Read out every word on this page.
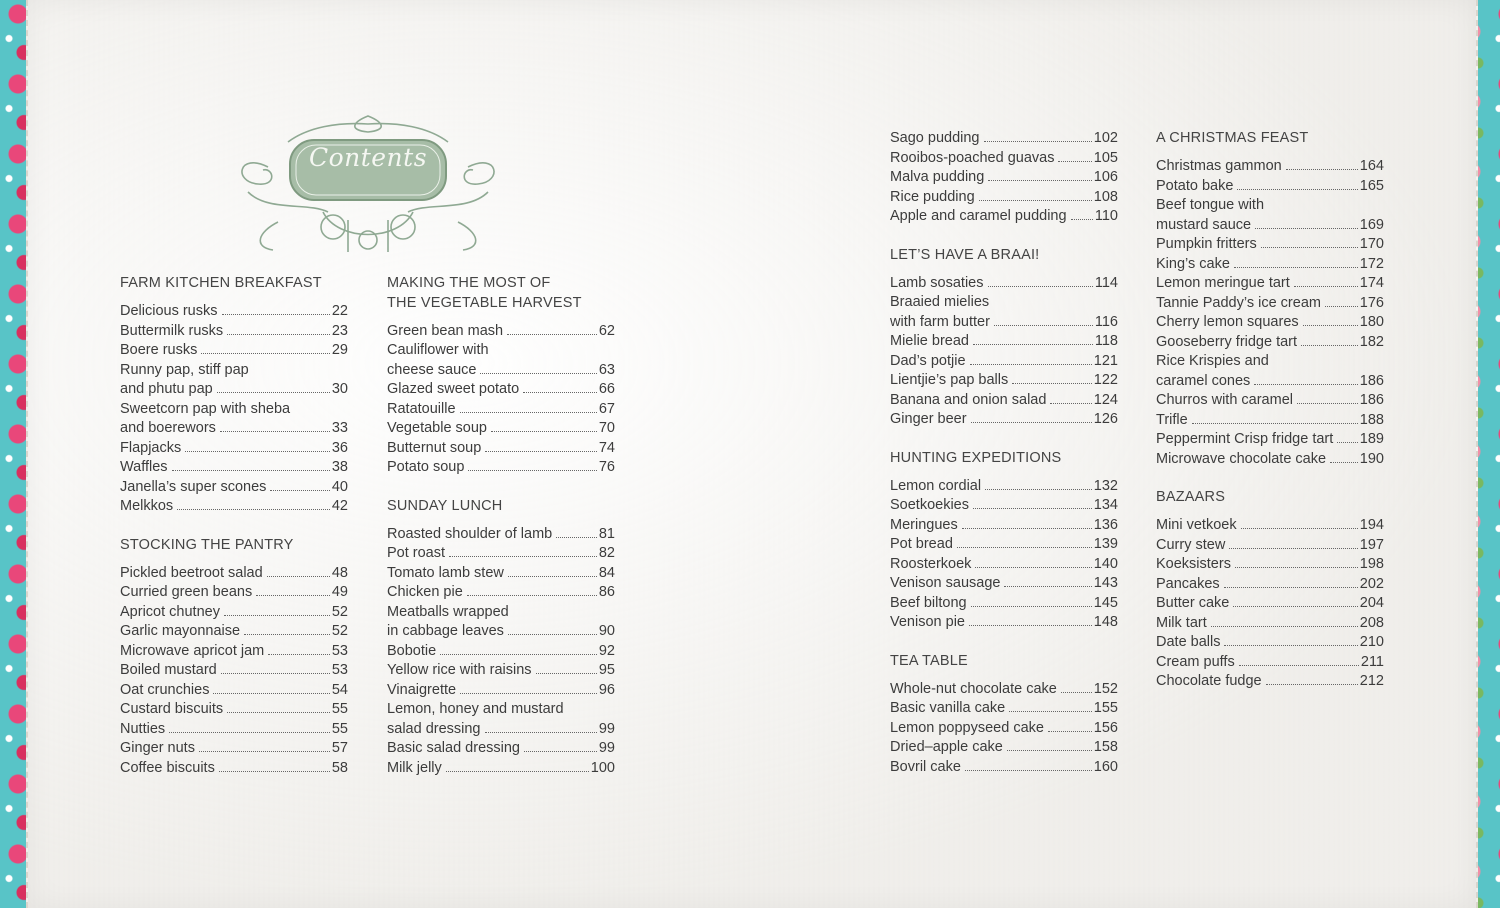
Contents
FARM KITCHEN BREAKFAST
Delicious rusks	22
Buttermilk rusks	23
Boere rusks	29
Runny pap, stiff pap
and phutu pap	30
Sweetcorn pap with sheba
and boerewors	33
Flapjacks	36
Waffles	38
Janella’s super scones	40
Melkkos	42
STOCKING THE PANTRY
Pickled beetroot salad	48
Curried green beans	49
Apricot chutney	52
Garlic mayonnaise	52
Microwave apricot jam	53
Boiled mustard	53
Oat crunchies	54
Custard biscuits	55
Nutties	55
Ginger nuts	57
Coffee biscuits	58
MAKING THE MOST OF
THE VEGETABLE HARVEST
Green bean mash	62
Cauliflower with
cheese sauce	63
Glazed sweet potato	66
Ratatouille	67
Vegetable soup	70
Butternut soup	74
Potato soup	76
SUNDAY LUNCH
Roasted shoulder of lamb	81
Pot roast	82
Tomato lamb stew	84
Chicken pie	86
Meatballs wrapped
in cabbage leaves	90
Bobotie	92
Yellow rice with raisins	95
Vinaigrette	96
Lemon, honey and mustard
salad dressing	99
Basic salad dressing	99
Milk jelly	100
Sago pudding	102
Rooibos-poached guavas	105
Malva pudding	106
Rice pudding	108
Apple and caramel pudding 110
LET’S HAVE A BRAAI!
Lamb sosaties	114
Braaied mielies
with farm butter	116
Mielie bread	118
Dad’s potjie	121
Lientjie’s pap balls	122
Banana and onion salad	124
Ginger beer	126
HUNTING EXPEDITIONS
Lemon cordial	132
Soetkoekies	134
Meringues	136
Pot bread	139
Roosterkoek	140
Venison sausage	143
Beef biltong	145
Venison pie	148
TEA TABLE
Whole-nut chocolate cake	152
Basic vanilla cake	155
Lemon poppyseed cake	156
Dried–apple cake	158
Bovril cake	160
A CHRISTMAS FEAST
Christmas gammon	164
Potato bake	165
Beef tongue with
mustard sauce	169
Pumpkin fritters	170
King’s cake	172
Lemon meringue tart	174
Tannie Paddy’s ice cream	176
Cherry lemon squares	180
Gooseberry fridge tart	182
Rice Krispies and
caramel cones	186
Churros with caramel	186
Trifle	188
Peppermint Crisp fridge tart 189
Microwave chocolate cake 190
BAZAARS
Mini vetkoek	194
Curry stew	197
Koeksisters	198
Pancakes	202
Butter cake	204
Milk tart	208
Date balls	210
Cream puffs	211
Chocolate fudge	212
